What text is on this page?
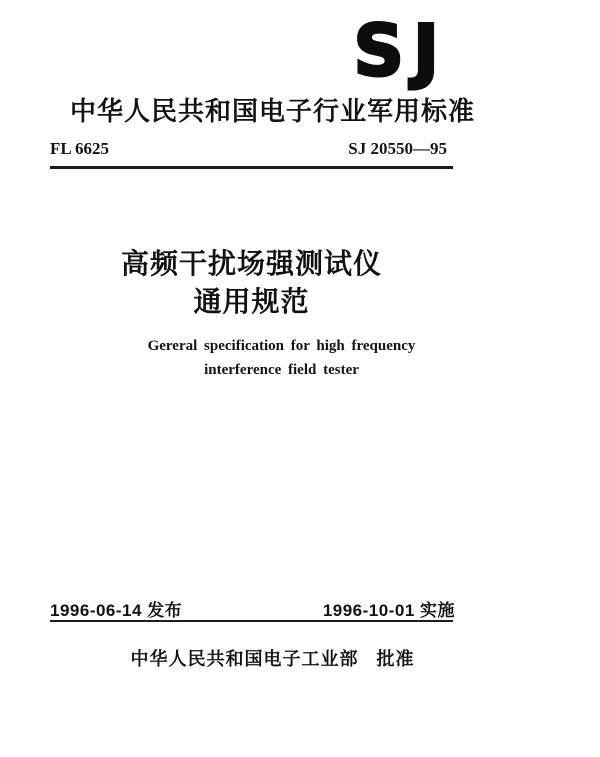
SJ
中华人民共和国电子行业军用标准
FL 6625	SJ 20550—95
高频干扰场强测试仪
通用规范
Gereral specification for high frequency
interference field tester
1996-06-14 发布	1996-10-01 实施
中华人民共和国电子工业部 批准
